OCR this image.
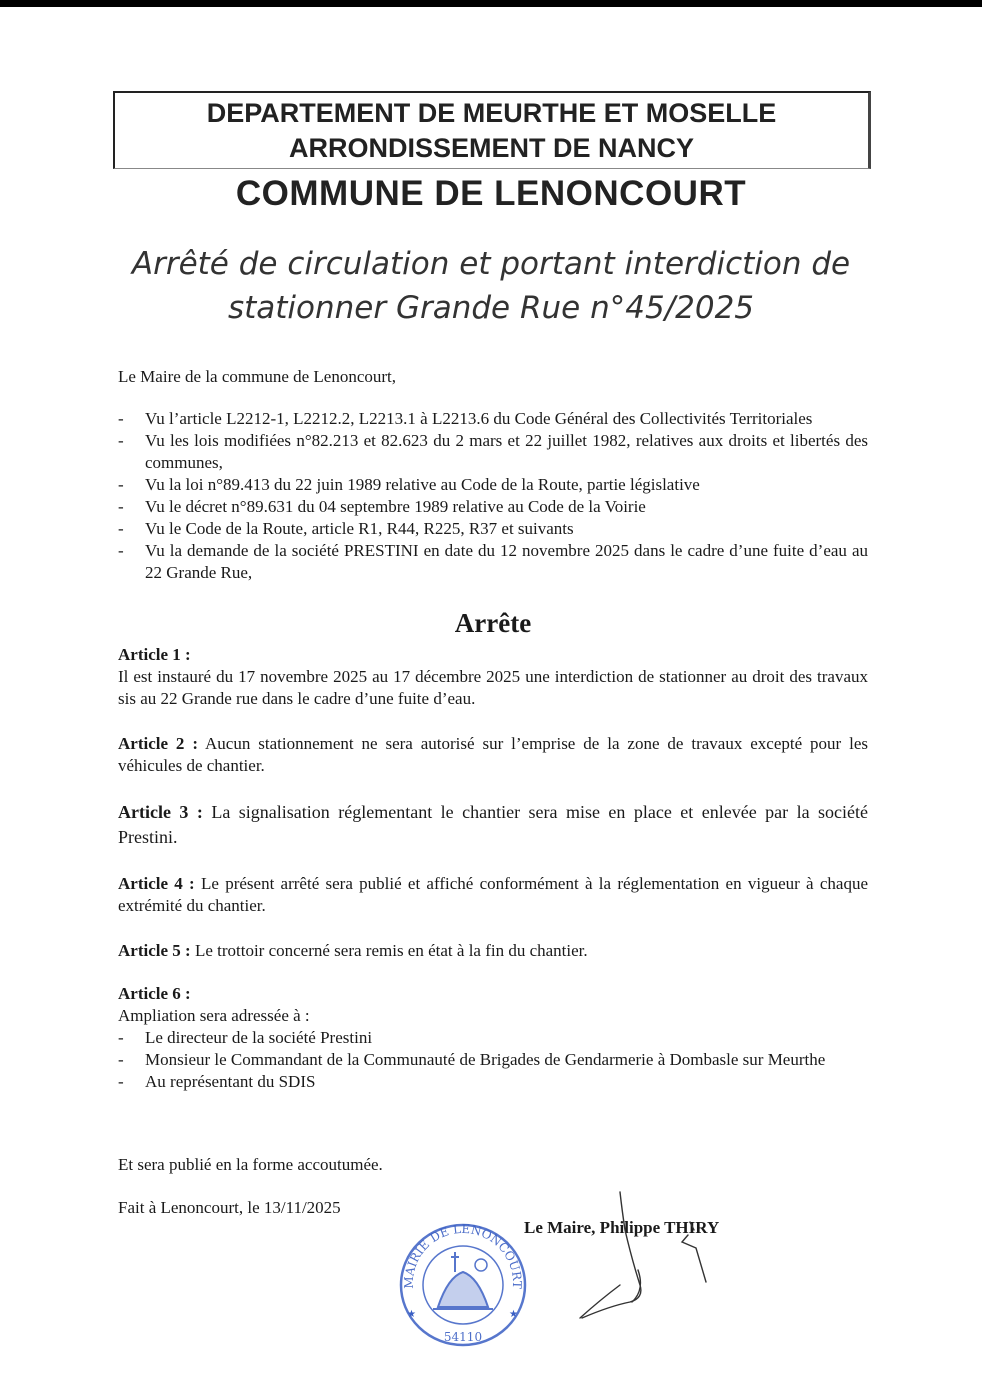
DEPARTEMENT DE MEURTHE ET MOSELLE
ARRONDISSEMENT DE NANCY
COMMUNE DE LENONCOURT
Arrêté de circulation et portant interdiction de
stationner Grande Rue n°45/2025

Le Maire de la commune de Lenoncourt,

- Vu l’article L2212-1, L2212.2, L2213.1 à L2213.6 du Code Général des Collectivités Territoriales
- Vu les lois modifiées n°82.213 et 82.623 du 2 mars et 22 juillet 1982, relatives aux droits et libertés des communes,
- Vu la loi n°89.413 du 22 juin 1989 relative au Code de la Route, partie législative
- Vu le décret n°89.631 du 04 septembre 1989 relative au Code de la Voirie
- Vu le Code de la Route, article R1, R44, R225, R37 et suivants
- Vu la demande de la société PRESTINI en date du 12 novembre 2025 dans le cadre d’une fuite d’eau au 22 Grande Rue,
Arrête
Article 1 :
Il est instauré du 17 novembre 2025 au 17 décembre 2025 une interdiction de stationner au droit des travaux sis au 22 Grande rue dans le cadre d’une fuite d’eau.
Article 2 : Aucun stationnement ne sera autorisé sur l’emprise de la zone de travaux excepté pour les véhicules de chantier.
Article 3 : La signalisation réglementant le chantier sera mise en place et enlevée par la société Prestini.
Article 4 : Le présent arrêté sera publié et affiché conformément à la réglementation en vigueur à chaque extrémité du chantier.
Article 5 : Le trottoir concerné sera remis en état à la fin du chantier.
Article 6 :
Ampliation sera adressée à :
- Le directeur de la société Prestini
- Monsieur le Commandant de la Communauté de Brigades de Gendarmerie à Dombasle sur Meurthe
- Au représentant du SDIS
Et sera publié en la forme accoutumée.
Fait à Lenoncourt, le 13/11/2025
Le Maire, Philippe THIRY
MAIRIE DE LENONCOURT
54110
★	★
